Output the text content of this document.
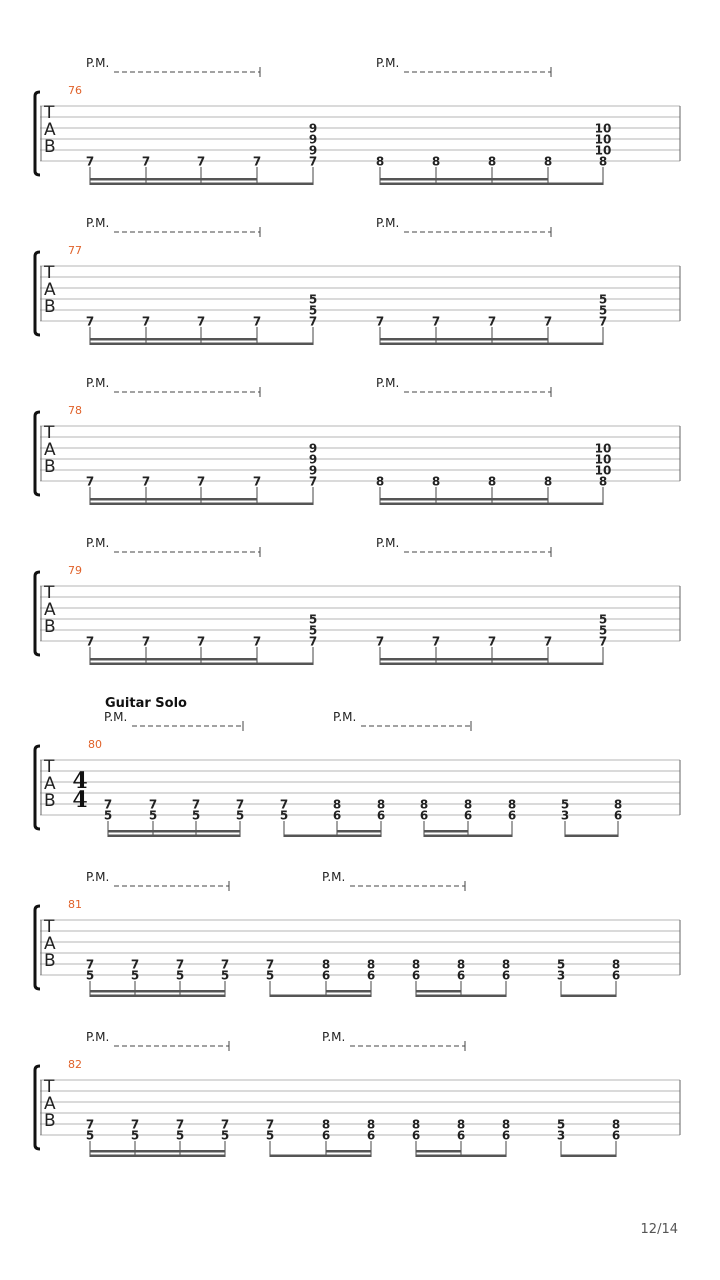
T
A
B
76
P.M.	P.M.
7	7	7	7
9
9
9
7	8	8	8	8
10
10
10
8
T
A
B
77
P.M.	P.M.
7	7	7	7
5
5
7	7	7	7	7
5
5
7
T
A
B
78
P.M.	P.M.
7	7	7	7
9
9
9
7	8	8	8	8
10
10
10
8
T
A
B
79
P.M.	P.M.
7	7	7	7
5
5
7	7	7	7	7
5
5
7
T
A
B
80
Guitar Solo
P.M.	P.M.
4
4 7
5
7
5
7
5
7
5
7
5
8
6
8
6
8
6
8
6
8
6
5
3
8
6
T
A
B
81
P.M.	P.M.
7
5
7
5
7
5
7
5
7
5
8
6
8
6
8
6
8
6
8
6
5
3
8
6
T
A
B
82
P.M.	P.M.
7
5
7
5
7
5
7
5
7
5
8
6
8
6
8
6
8
6
8
6
5
3
8
6
12/14
